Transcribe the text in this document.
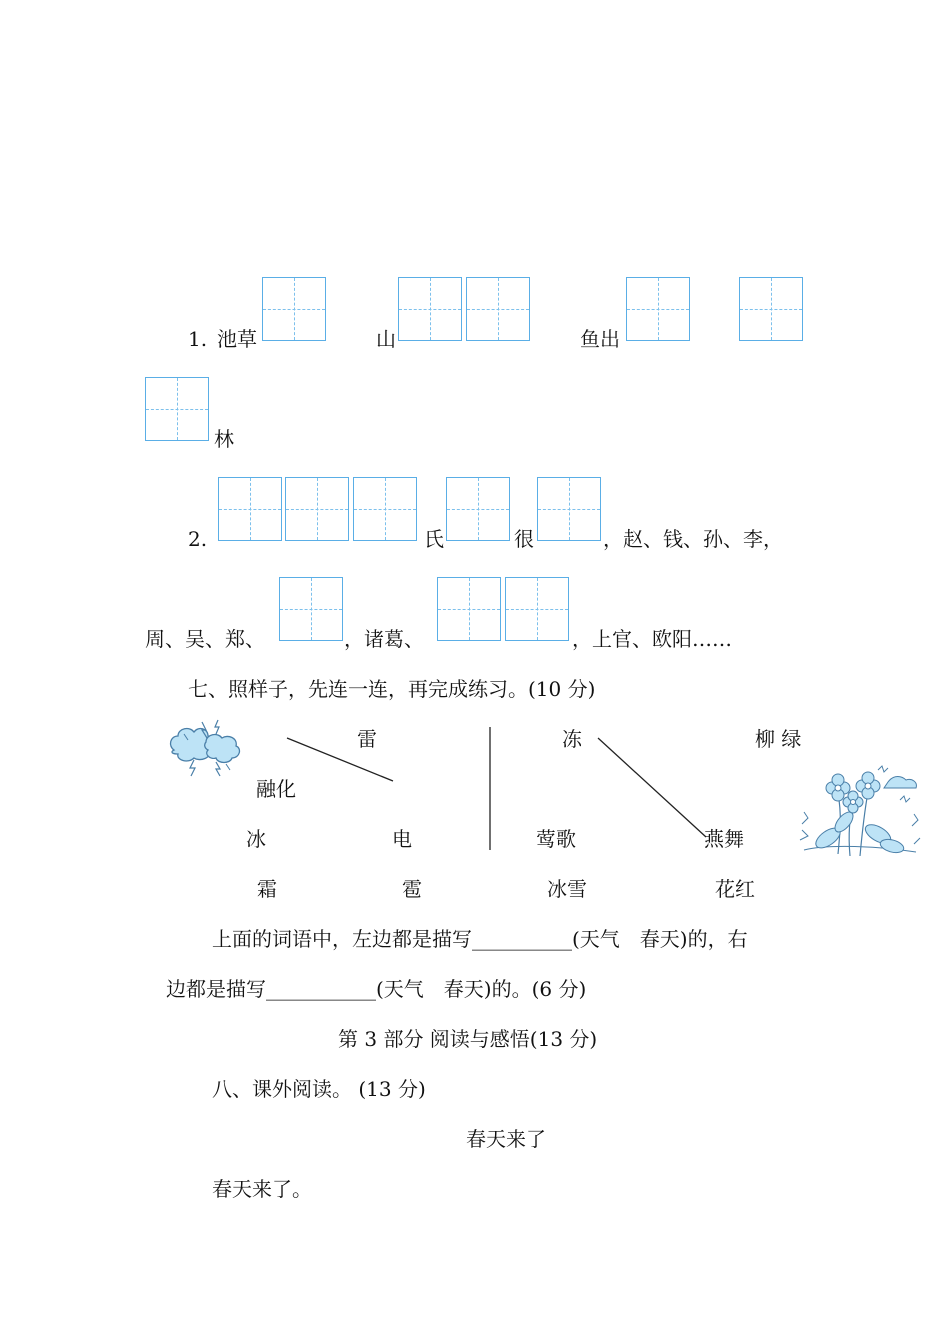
1. 池草	山	鱼出
林
2.	氏	很	，赵、钱、孙、李，
周、吴、郑、	，诸葛、	，上官、欧阳……
七、照样子，先连一连，再完成练习。(10 分)
雷
融化
冰	电
霜	雹
冻	柳 绿
莺歌	燕舞
冰雪	花红
上面的词语中，左边都是描写__________(天气　春天)的，右
边都是描写___________(天气　春天)的。(6 分)
第 3 部分 阅读与感悟(13 分)
八、课外阅读。 (13 分)
春天来了
春天来了。
